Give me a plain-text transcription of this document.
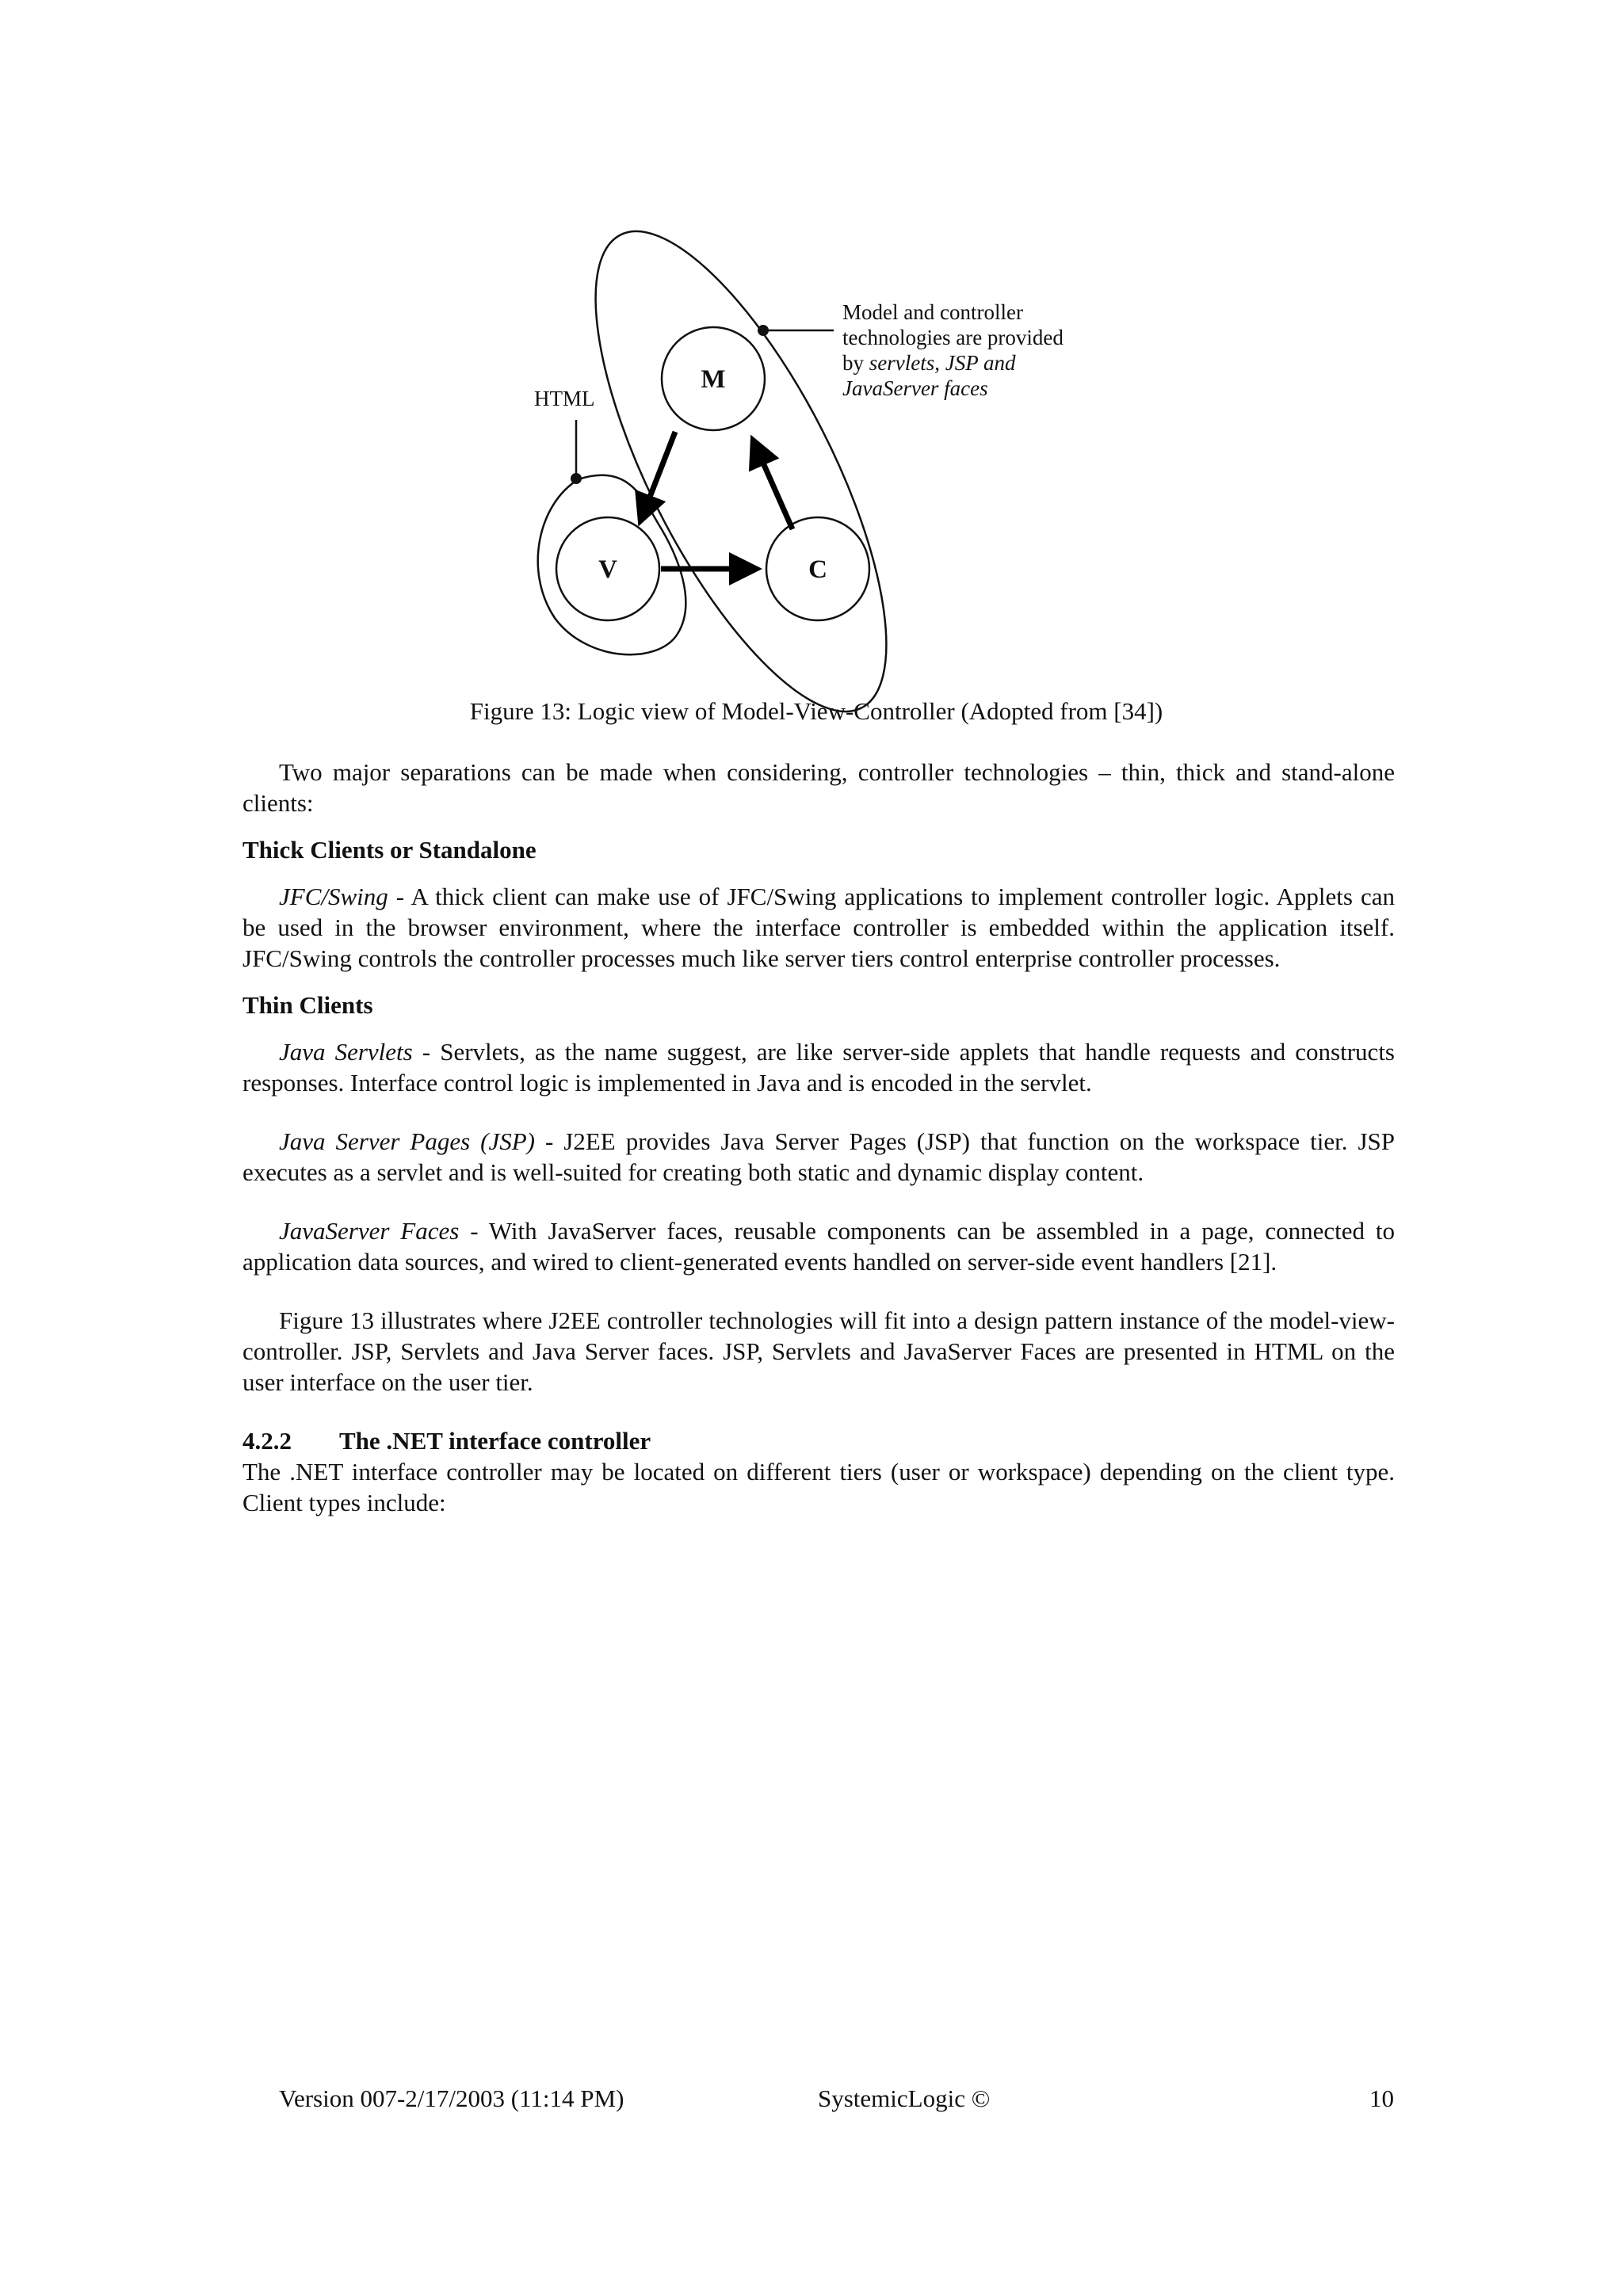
M
V	C
HTML
Model and controller
technologies are provided
by servlets, JSP and
JavaServer faces
Figure 13: Logic view of Model-View-Controller (Adopted from [34])

Two major separations can be made when considering, controller technologies – thin, thick and stand-alone clients:

Thick Clients or Standalone

JFC/Swing - A thick client can make use of JFC/Swing applications to implement controller logic. Applets can be used in the browser environment, where the interface controller is embedded within the application itself. JFC/Swing controls the controller processes much like server tiers control enterprise controller processes.

Thin Clients

Java Servlets - Servlets, as the name suggest, are like server-side applets that handle requests and constructs responses. Interface control logic is implemented in Java and is encoded in the servlet.

Java Server Pages (JSP) - J2EE provides Java Server Pages (JSP) that function on the workspace tier. JSP executes as a servlet and is well-suited for creating both static and dynamic display content.

JavaServer Faces - With JavaServer faces, reusable components can be assembled in a page, connected to application data sources, and wired to client-generated events handled on server-side event handlers [21].

Figure 13 illustrates where J2EE controller technologies will fit into a design pattern instance of the model-view-controller. JSP, Servlets and Java Server faces. JSP, Servlets and JavaServer Faces are presented in HTML on the user interface on the user tier.

4.2.2 The .NET interface controller

The .NET interface controller may be located on different tiers (user or workspace) depending on the client type. Client types include:

Version 007-2/17/2003 (11:14 PM)	SystemicLogic ©	10
